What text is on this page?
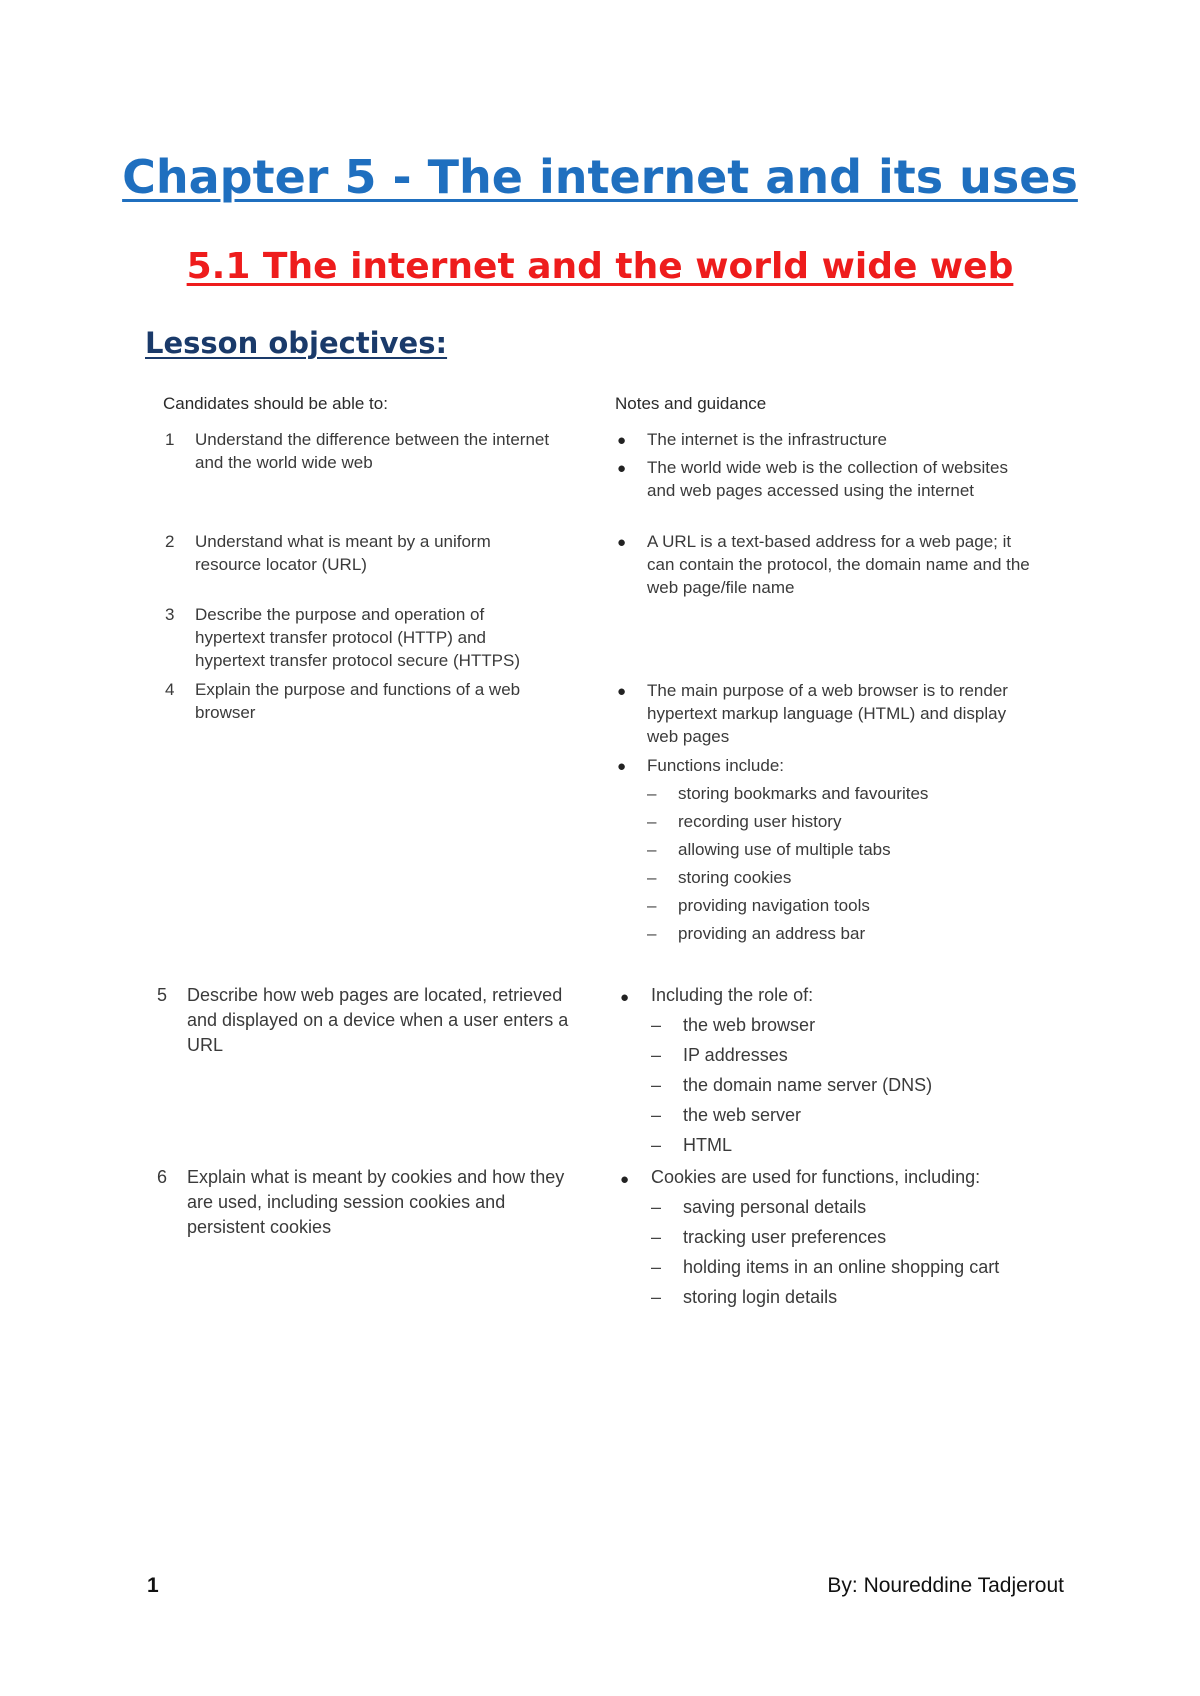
Chapter 5 - The internet and its uses
5.1 The internet and the world wide web
Lesson objectives:
Candidates should be able to:	Notes and guidance
1 Understand the difference between the internet and the world wide web
● The internet is the infrastructure
● The world wide web is the collection of websites and web pages accessed using the internet
2 Understand what is meant by a uniform resource locator (URL)
● A URL is a text-based address for a web page; it can contain the protocol, the domain name and the web page/file name
3 Describe the purpose and operation of hypertext transfer protocol (HTTP) and hypertext transfer protocol secure (HTTPS)
4 Explain the purpose and functions of a web browser
● The main purpose of a web browser is to render hypertext markup language (HTML) and display web pages
● Functions include:
– storing bookmarks and favourites
– recording user history
– allowing use of multiple tabs
– storing cookies
– providing navigation tools
– providing an address bar
5 Describe how web pages are located, retrieved and displayed on a device when a user enters a URL
● Including the role of:
– the web browser
– IP addresses
– the domain name server (DNS)
– the web server
– HTML
6 Explain what is meant by cookies and how they are used, including session cookies and persistent cookies
● Cookies are used for functions, including:
– saving personal details
– tracking user preferences
– holding items in an online shopping cart
– storing login details
1	By: Noureddine Tadjerout
